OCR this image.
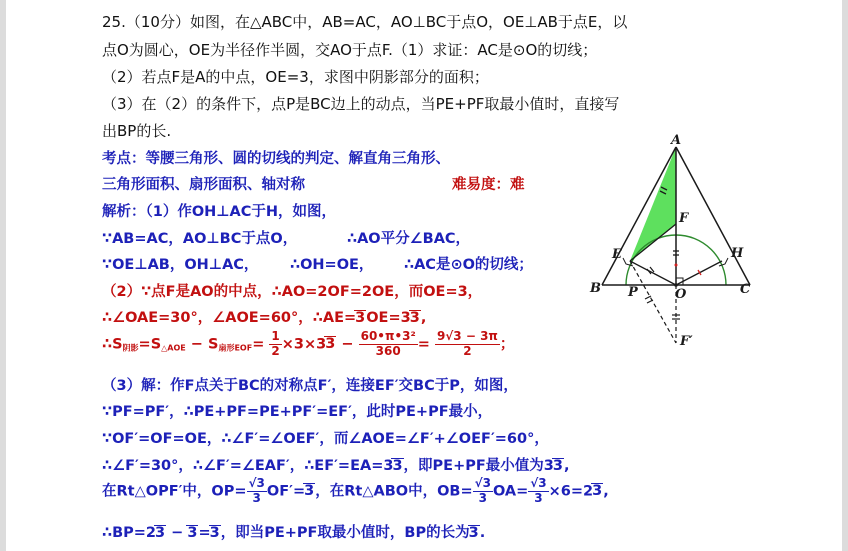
25.（10分）如图，在△ABC中，AB=AC，AO⊥BC于点O，OE⊥AB于点E，以
点O为圆心，OE为半径作半圆，交AO于点F.（1）求证：AC是⊙O的切线；
（2）若点F是A的中点，OE=3，求图中阴影部分的面积；
（3）在（2）的条件下，点P是BC边上的动点，当PE+PF取最小值时，直接写
出BP的长.
考点：等腰三角形、圆的切线的判定、解直角三角形、
三角形面积、扇形面积、轴对称	难易度：难
解析：（1）作OH⊥AC于H，如图，
∵AB=AC，AO⊥BC于点O，	∴AO平分∠BAC，
∵OE⊥AB，OH⊥AC， ∴OH=OE， ∴AC是⊙O的切线；
（2）∵点F是AO的中点，∴AO=2OF=2OE，而OE=3，
∴∠OAE=30°，∠AOE=60°，∴AE=3OE=33,
$\therefore S_{阴影}=S_{\triangle AOE} - S_{扇形EOF}= \frac{1}{2} \times 3\times 33 - \frac{\text{60•π•3²}}{360} = \frac{9√3 - 3\pi}{2}$ ；
（3）解：作F点关于BC的对称点F′，连接EF′交BC于P，如图，
∵PF=PF′，∴PE+PF=PE+PF′=EF′，此时PE+PF最小，
∵OF′=OF=OE，∴∠F′=∠OEF′，而∠AOE=∠F′+∠OEF′=60°，
∴∠F′=30°，∴∠F′=∠EAF′，∴EF′=EA=33，即PE+PF最小值为33,
在Rt△OPF′中，$OP= \frac{√3}{3} OF'=3$，在Rt△ABO中，$OB= \frac{√3}{3} OA= \frac{√3}{3} \times 6=23$,
∴BP=23 − 3=3，即当PE+PF取最小值时，BP的长为3.
A
B	C
O
E
F
H
P
F′
